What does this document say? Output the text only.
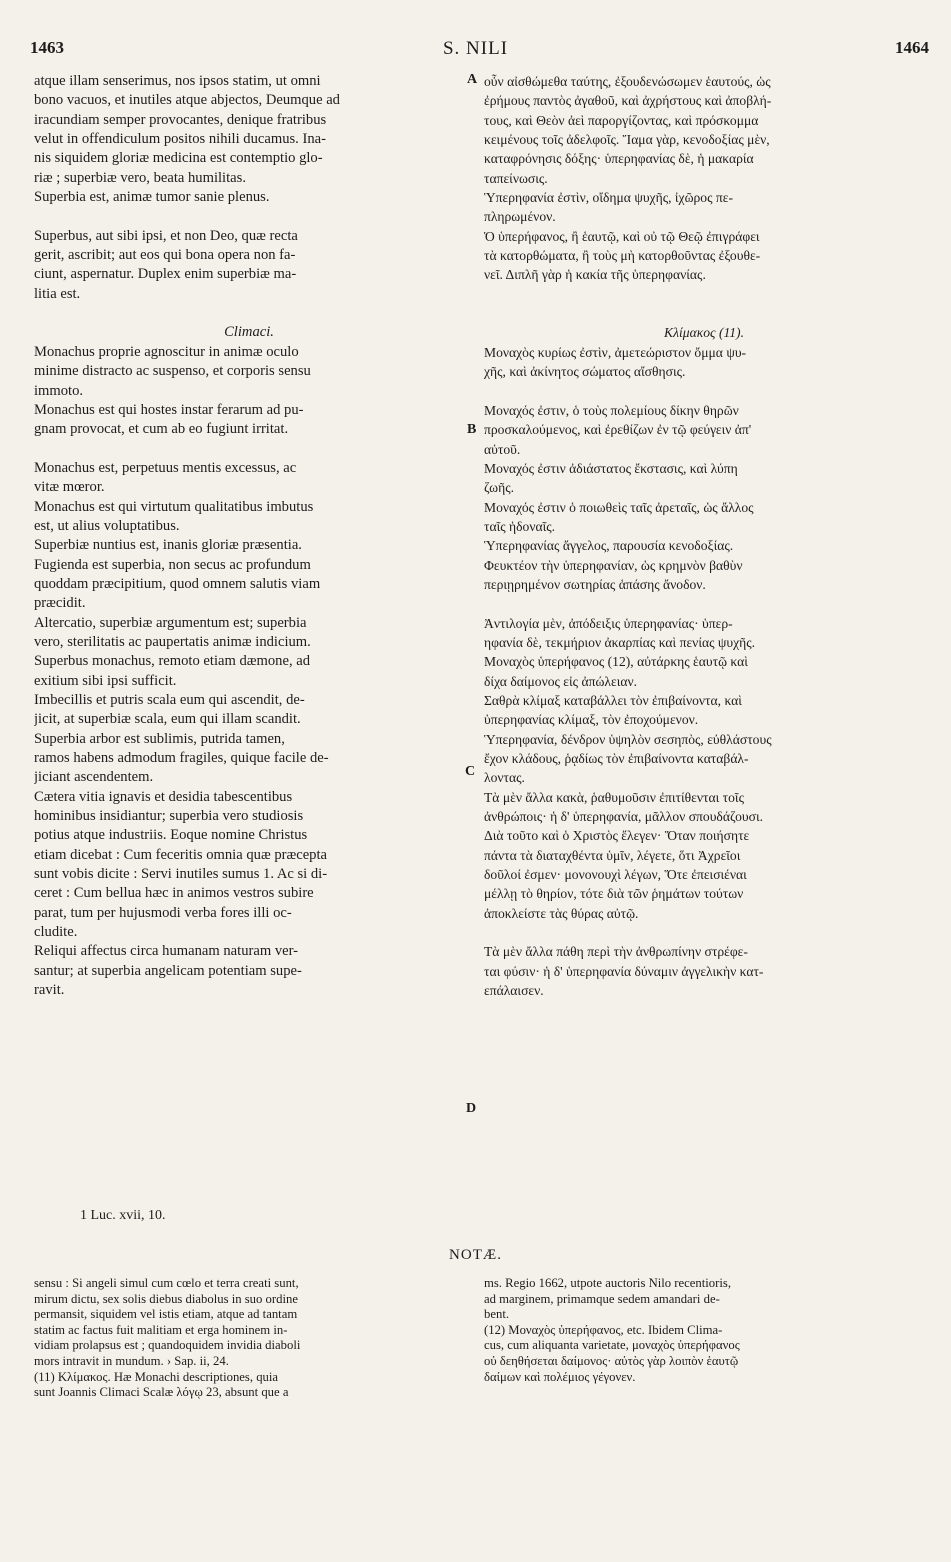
1463	S. NILI	1464
atque illam senserimus, nos ipsos statim, ut omni
bono vacuos, et inutiles atque abjectos, Deumque ad
iracundiam semper provocantes, denique fratribus
velut in offendiculum positos nihili ducamus. Ina-
nis siquidem gloriæ medicina est contemptio glo-
riæ ; superbiæ vero, beata humilitas.
Superbia est, animæ tumor sanie plenus.

Superbus, aut sibi ipsi, et non Deo, quæ recta
gerit, ascribit; aut eos qui bona opera non fa-
ciunt, aspernatur. Duplex enim superbiæ ma-
litia est.

Climaci.
Monachus proprie agnoscitur in animæ oculo
minime distracto ac suspenso, et corporis sensu
immoto.
Monachus est qui hostes instar ferarum ad pu-
gnam provocat, et cum ab eo fugiunt irritat.

Monachus est, perpetuus mentis excessus, ac
vitæ mœror.
Monachus est qui virtutum qualitatibus imbutus
est, ut alius voluptatibus.
Superbiæ nuntius est, inanis gloriæ præsentia.
Fugienda est superbia, non secus ac profundum
quoddam præcipitium, quod omnem salutis viam
præcidit.
Altercatio, superbiæ argumentum est; superbia
vero, sterilitatis ac paupertatis animæ indicium.
Superbus monachus, remoto etiam dæmone, ad
exitium sibi ipsi sufficit.
Imbecillis et putris scala eum qui ascendit, de-
jicit, at superbiæ scala, eum qui illam scandit.
Superbia arbor est sublimis, putrida tamen,
ramos habens admodum fragiles, quique facile de-
jiciant ascendentem.
Cætera vitia ignavis et desidia tabescentibus
hominibus insidiantur; superbia vero studiosis
potius atque industriis. Eoque nomine Christus
etiam dicebat : Cum feceritis omnia quæ præcepta
sunt vobis dicite : Servi inutiles sumus 1. Ac si di-
ceret : Cum bellua hæc in animos vestros subire
parat, tum per hujusmodi verba fores illi oc-
cludite.
Reliqui affectus circa humanam naturam ver-
santur; at superbia angelicam potentiam supe-
ravit.
οὖν αἰσθώμεθα ταύτης, ἐξουδενώσωμεν ἑαυτούς, ὡς
ἐρήμους παντὸς ἀγαθοῦ, καὶ ἀχρήστους καὶ ἀποβλή-
τους, καὶ Θεὸν ἀεὶ παροργίζοντας, καὶ πρόσκομμα
κειμένους τοῖς ἀδελφοῖς. Ἴαμα γὰρ, κενοδοξίας μὲν,
καταφρόνησις δόξης· ὑπερηφανίας δὲ, ἡ μακαρία
ταπείνωσις.
Ὑπερηφανία ἐστὶν, οἴδημα ψυχῆς, ἰχῶρος πε-
πληρωμένον.
Ὁ ὑπερήφανος, ἢ ἑαυτῷ, καὶ οὐ τῷ Θεῷ ἐπιγράφει
τὰ κατορθώματα, ἢ τοὺς μὴ κατορθοῦντας ἐξουθε-
νεῖ. Διπλῆ γὰρ ἡ κακία τῆς ὑπερηφανίας.

Κλίμακος (11).
Μοναχὸς κυρίως ἐστὶν, ἀμετεώριστον ὄμμα ψυ-
χῆς, καὶ ἀκίνητος σώματος αἴσθησις.

Μοναχός ἐστιν, ὁ τοὺς πολεμίους δίκην θηρῶν
προσκαλούμενος, καὶ ἐρεθίζων ἐν τῷ φεύγειν ἀπ'
αὐτοῦ.
Μοναχός ἐστιν ἀδιάστατος ἔκστασις, καὶ λύπη
ζωῆς.
Μοναχός ἐστιν ὁ ποιωθεὶς ταῖς ἀρεταῖς, ὡς ἄλλος
ταῖς ἡδοναῖς.
Ὑπερηφανίας ἄγγελος, παρουσία κενοδοξίας.
Φευκτέον τὴν ὑπερηφανίαν, ὡς κρημνὸν βαθὺν
περιῃρημένον σωτηρίας ἁπάσης ἄνοδον.

Ἀντιλογία μὲν, ἀπόδειξις ὑπερηφανίας· ὑπερ-
ηφανία δὲ, τεκμήριον ἀκαρπίας καὶ πενίας ψυχῆς.
Μοναχὸς ὑπερήφανος (12), αὐτάρκης ἑαυτῷ καὶ
δίχα δαίμονος εἰς ἀπώλειαν.
Σαθρὰ κλίμαξ καταβάλλει τὸν ἐπιβαίνοντα, καὶ
ὑπερηφανίας κλίμαξ, τὸν ἐποχούμενον.
Ὑπερηφανία, δένδρον ὑψηλὸν σεσηπὸς, εὐθλάστους
ἔχον κλάδους, ῥᾳδίως τὸν ἐπιβαίνοντα καταβάλ-
λοντας.
Τὰ μὲν ἄλλα κακὰ, ῥαθυμοῦσιν ἐπιτίθενται τοῖς
ἀνθρώποις· ἡ δ' ὑπερηφανία, μᾶλλον σπουδάζουσι.
Διὰ τοῦτο καὶ ὁ Χριστὸς ἔλεγεν· Ὅταν ποιήσητε
πάντα τὰ διαταχθέντα ὑμῖν, λέγετε, ὅτι Ἀχρεῖοι
δοῦλοί ἐσμεν· μονονουχὶ λέγων, Ὅτε ἐπεισιέναι
μέλλῃ τὸ θηρίον, τότε διὰ τῶν ῥημάτων τούτων
ἀποκλείστε τὰς θύρας αὐτῷ.

Τὰ μὲν ἄλλα πάθη περὶ τὴν ἀνθρωπίνην στρέφε-
ται φύσιν· ἡ δ' ὑπερηφανία δύναμιν ἀγγελικὴν κατ-
επάλαισεν.
A
B
C
D
1 Luc. xvii, 10.
NOTÆ.
sensu : Si angeli simul cum cœlo et terra creati sunt,
mirum dictu, sex solis diebus diabolus in suo ordine
permansit, siquidem vel istis etiam, atque ad tantam
statim ac factus fuit malitiam et erga hominem in-
vidiam prolapsus est ; quandoquidem invidia diaboli
mors intravit in mundum. › Sap. ii, 24.
(11) Κλίμακος. Hæ Monachi descriptiones, quia
sunt Joannis Climaci Scalæ λόγῳ 23, absunt que a
ms. Regio 1662, utpote auctoris Nilo recentioris,
ad marginem, primamque sedem amandari de-
bent.
(12) Μοναχὸς ὑπερήφανος, etc. Ibidem Clima-
cus, cum aliquanta varietate, μοναχὸς ὑπερήφανος
οὐ δεηθήσεται δαίμονος· αὐτὸς γὰρ λοιπὸν ἑαυτῷ
δαίμων καὶ πολέμιος γέγονεν.
